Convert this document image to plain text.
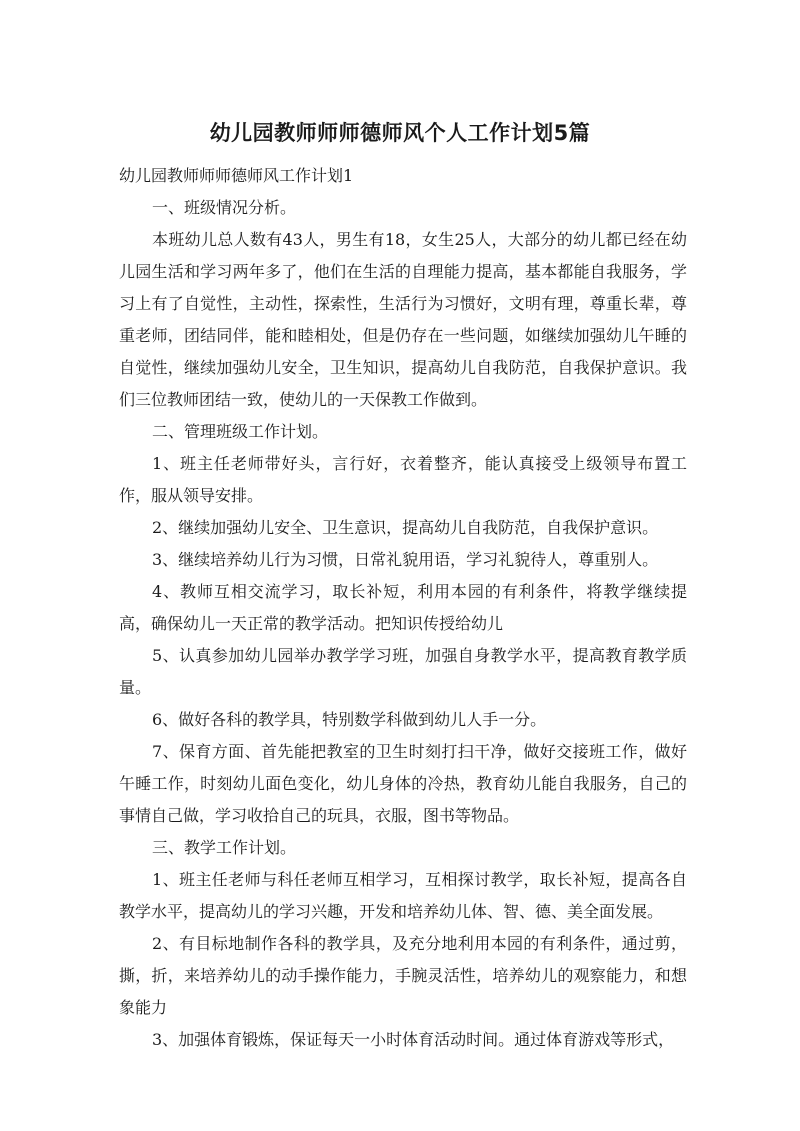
幼儿园教师师师德师风个人工作计划5篇

幼儿园教师师师德师风工作计划1

一、班级情况分析。

本班幼儿总人数有43人，男生有18，女生25人，大部分的幼儿都已经在幼儿园生活和学习两年多了，他们在生活的自理能力提高，基本都能自我服务，学习上有了自觉性，主动性，探索性，生活行为习惯好，文明有理，尊重长辈，尊重老师，团结同伴，能和睦相处，但是仍存在一些问题，如继续加强幼儿午睡的自觉性，继续加强幼儿安全，卫生知识，提高幼儿自我防范，自我保护意识。我们三位教师团结一致，使幼儿的一天保教工作做到。

二、管理班级工作计划。

1、班主任老师带好头，言行好，衣着整齐，能认真接受上级领导布置工作，服从领导安排。

2、继续加强幼儿安全、卫生意识，提高幼儿自我防范，自我保护意识。

3、继续培养幼儿行为习惯，日常礼貌用语，学习礼貌待人，尊重别人。

4、教师互相交流学习，取长补短，利用本园的有利条件，将教学继续提高，确保幼儿一天正常的教学活动。把知识传授给幼儿

5、认真参加幼儿园举办教学学习班，加强自身教学水平，提高教育教学质量。

6、做好各科的教学具，特别数学科做到幼儿人手一分。

7、保育方面、首先能把教室的卫生时刻打扫干净，做好交接班工作，做好午睡工作，时刻幼儿面色变化，幼儿身体的冷热，教育幼儿能自我服务，自己的事情自己做，学习收拾自己的玩具，衣服，图书等物品。

三、教学工作计划。

1、班主任老师与科任老师互相学习，互相探讨教学，取长补短，提高各自教学水平，提高幼儿的学习兴趣，开发和培养幼儿体、智、德、美全面发展。

2、有目标地制作各科的教学具，及充分地利用本园的有利条件，通过剪，撕，折，来培养幼儿的动手操作能力，手腕灵活性，培养幼儿的观察能力，和想象能力

3、加强体育锻炼，保证每天一小时体育活动时间。通过体育游戏等形式，
